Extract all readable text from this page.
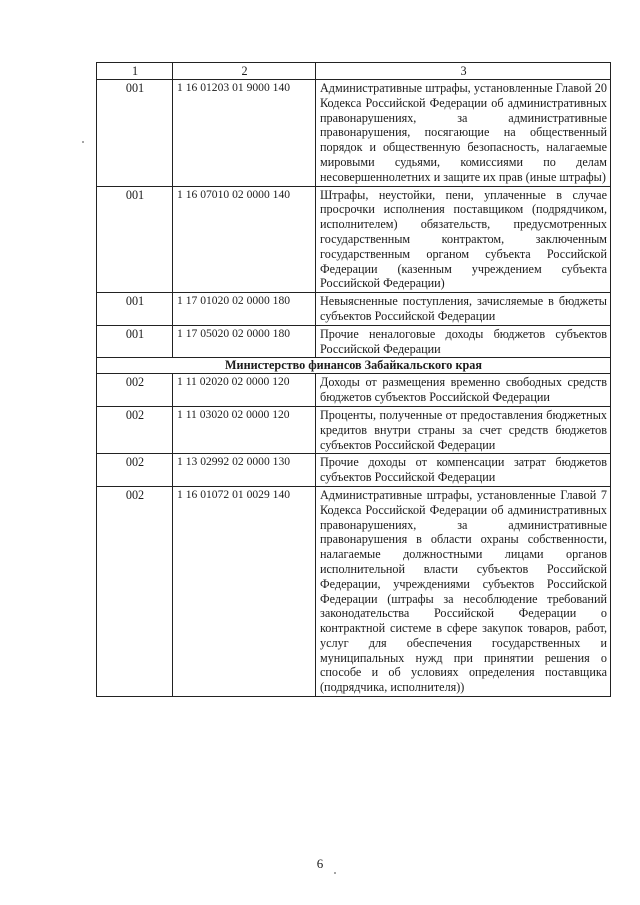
1	2	3
001	1 16 01203 01 9000 140	Административные штрафы, установленные Главой 20 Кодекса Российской Федерации об административных правонарушениях, за административные правонарушения, посягающие на общественный порядок и общественную безопасность, налагаемые мировыми судьями, комиссиями по делам несовершеннолетних и защите их прав (иные штрафы)
001	1 16 07010 02 0000 140	Штрафы, неустойки, пени, уплаченные в случае просрочки исполнения поставщиком (подрядчиком, исполнителем) обязательств, предусмотренных государственным контрактом, заключенным государственным органом субъекта Российской Федерации (казенным учреждением субъекта Российской Федерации)
001	1 17 01020 02 0000 180	Невыясненные поступления, зачисляемые в бюджеты субъектов Российской Федерации
001	1 17 05020 02 0000 180	Прочие неналоговые доходы бюджетов субъектов Российской Федерации
Министерство финансов Забайкальского края		
002	1 11 02020 02 0000 120	Доходы от размещения временно свободных средств бюджетов субъектов Российской Федерации
002	1 11 03020 02 0000 120	Проценты, полученные от предоставления бюджетных кредитов внутри страны за счет средств бюджетов субъектов Российской Федерации
002	1 13 02992 02 0000 130	Прочие доходы от компенсации затрат бюджетов субъектов Российской Федерации
002	1 16 01072 01 0029 140	Административные штрафы, установленные Главой 7 Кодекса Российской Федерации об административных правонарушениях, за административные правонарушения в области охраны собственности, налагаемые должностными лицами органов исполнительной власти субъектов Российской Федерации, учреждениями субъектов Российской Федерации (штрафы за несоблюдение требований законодательства Российской Федерации о контрактной системе в сфере закупок товаров, работ, услуг для обеспечения государственных и муниципальных нужд при принятии решения о способе и об условиях определения поставщика (подрядчика, исполнителя))
6
